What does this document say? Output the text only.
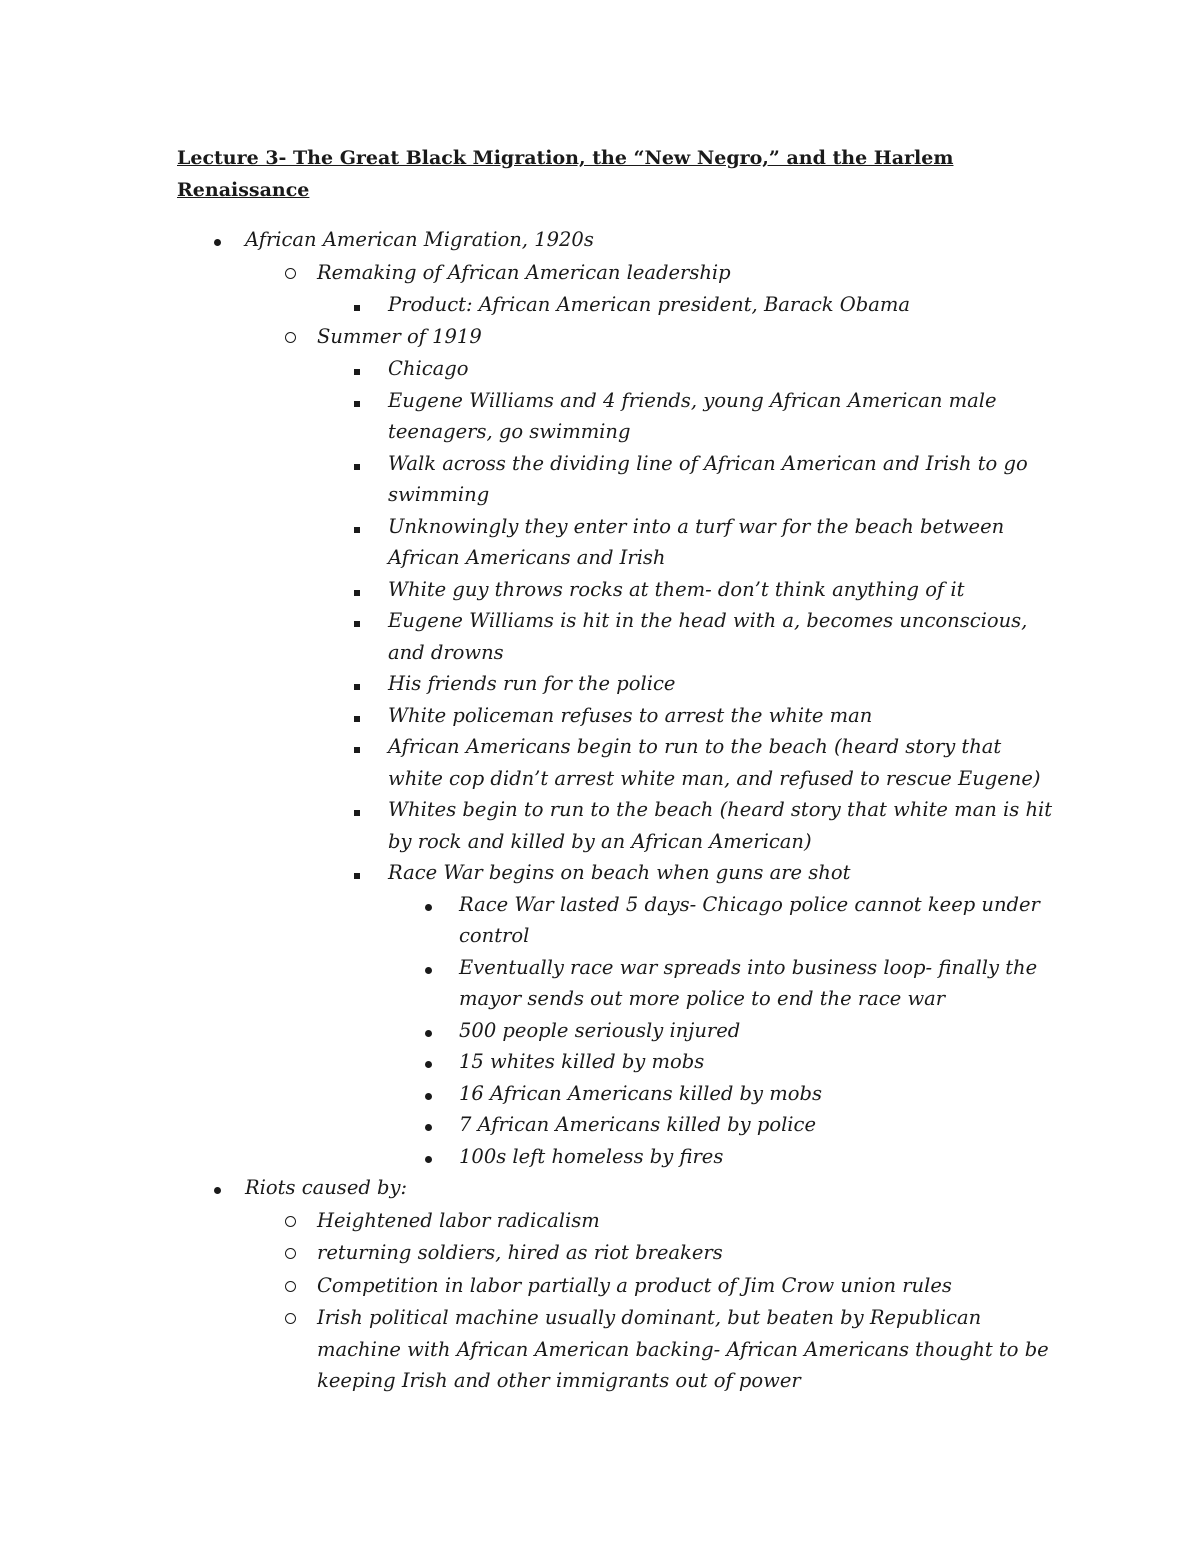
Lecture 3- The Great Black Migration, the “New Negro,” and the Harlem Renaissance
African American Migration, 1920s
Remaking of African American leadership
Product: African American president, Barack Obama
Summer of 1919
Chicago
Eugene Williams and 4 friends, young African American male teenagers, go swimming
Walk across the dividing line of African American and Irish to go swimming
Unknowingly they enter into a turf war for the beach between African Americans and Irish
White guy throws rocks at them- don’t think anything of it
Eugene Williams is hit in the head with a, becomes unconscious, and drowns
His friends run for the police
White policeman refuses to arrest the white man
African Americans begin to run to the beach (heard story that white cop didn’t arrest white man, and refused to rescue Eugene)
Whites begin to run to the beach (heard story that white man is hit by rock and killed by an African American)
Race War begins on beach when guns are shot
Race War lasted 5 days- Chicago police cannot keep under control
Eventually race war spreads into business loop- finally the mayor sends out more police to end the race war
500 people seriously injured
15 whites killed by mobs
16 African Americans killed by mobs
7 African Americans killed by police
100s left homeless by fires
Riots caused by:
Heightened labor radicalism
returning soldiers, hired as riot breakers
Competition in labor partially a product of Jim Crow union rules
Irish political machine usually dominant, but beaten by Republican machine with African American backing- African Americans thought to be keeping Irish and other immigrants out of power
